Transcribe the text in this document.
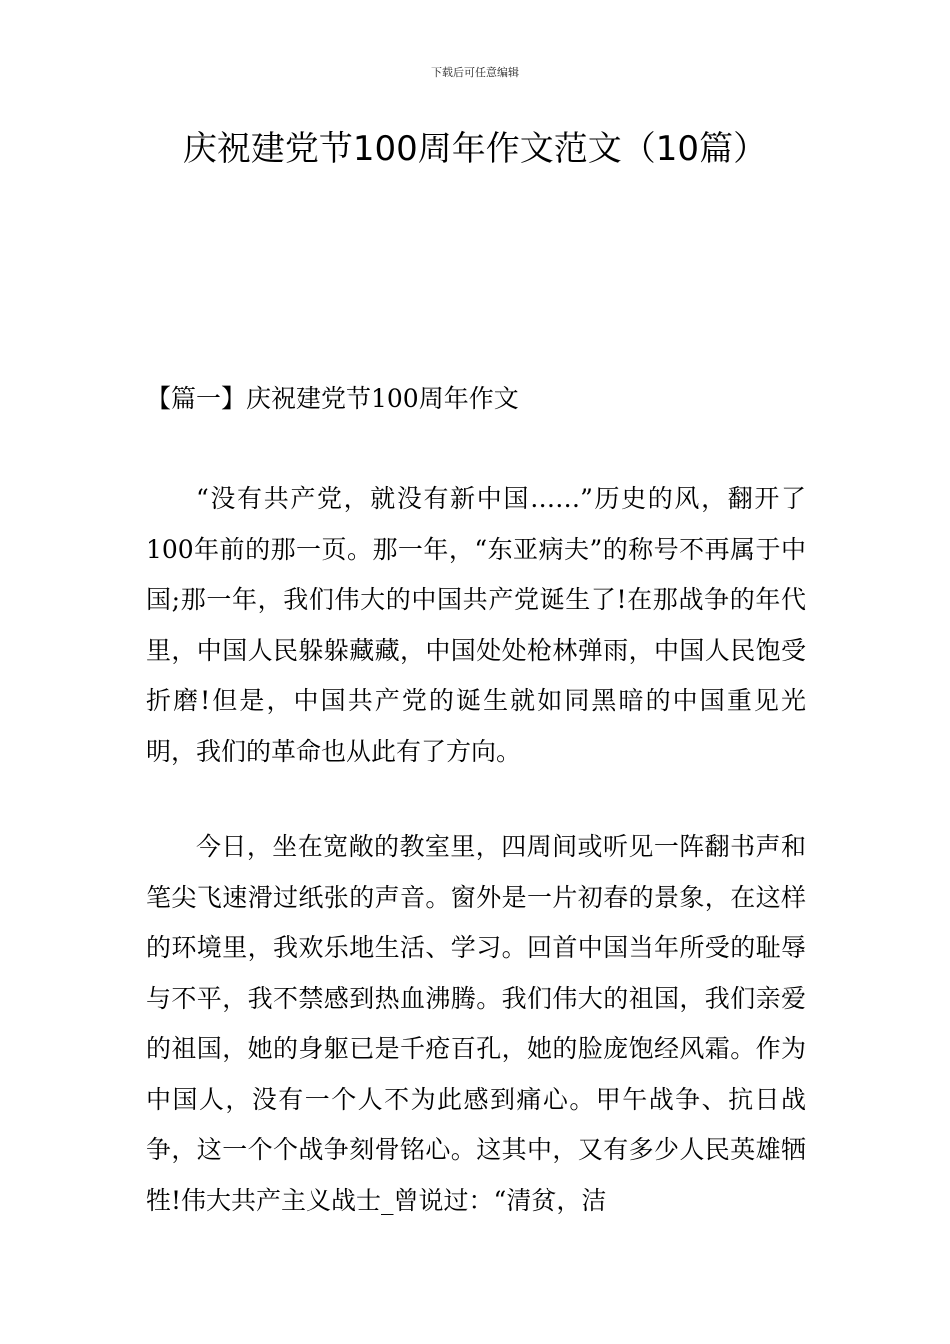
下载后可任意编辑
庆祝建党节100周年作文范文（10篇）
【篇一】庆祝建党节100周年作文

“没有共产党，就没有新中国……”历史的风，翻开了100年前的那一页。那一年，“东亚病夫”的称号不再属于中国;那一年，我们伟大的中国共产党诞生了!在那战争的年代里，中国人民躲躲藏藏，中国处处枪林弹雨，中国人民饱受折磨!但是，中国共产党的诞生就如同黑暗的中国重见光明，我们的革命也从此有了方向。

今日，坐在宽敞的教室里，四周间或听见一阵翻书声和笔尖飞速滑过纸张的声音。窗外是一片初春的景象，在这样的环境里，我欢乐地生活、学习。回首中国当年所受的耻辱与不平，我不禁感到热血沸腾。我们伟大的祖国，我们亲爱的祖国，她的身躯已是千疮百孔，她的脸庞饱经风霜。作为中国人，没有一个人不为此感到痛心。甲午战争、抗日战争，这一个个战争刻骨铭心。这其中，又有多少人民英雄牺牲!伟大共产主义战士_曾说过：“清贫，洁
